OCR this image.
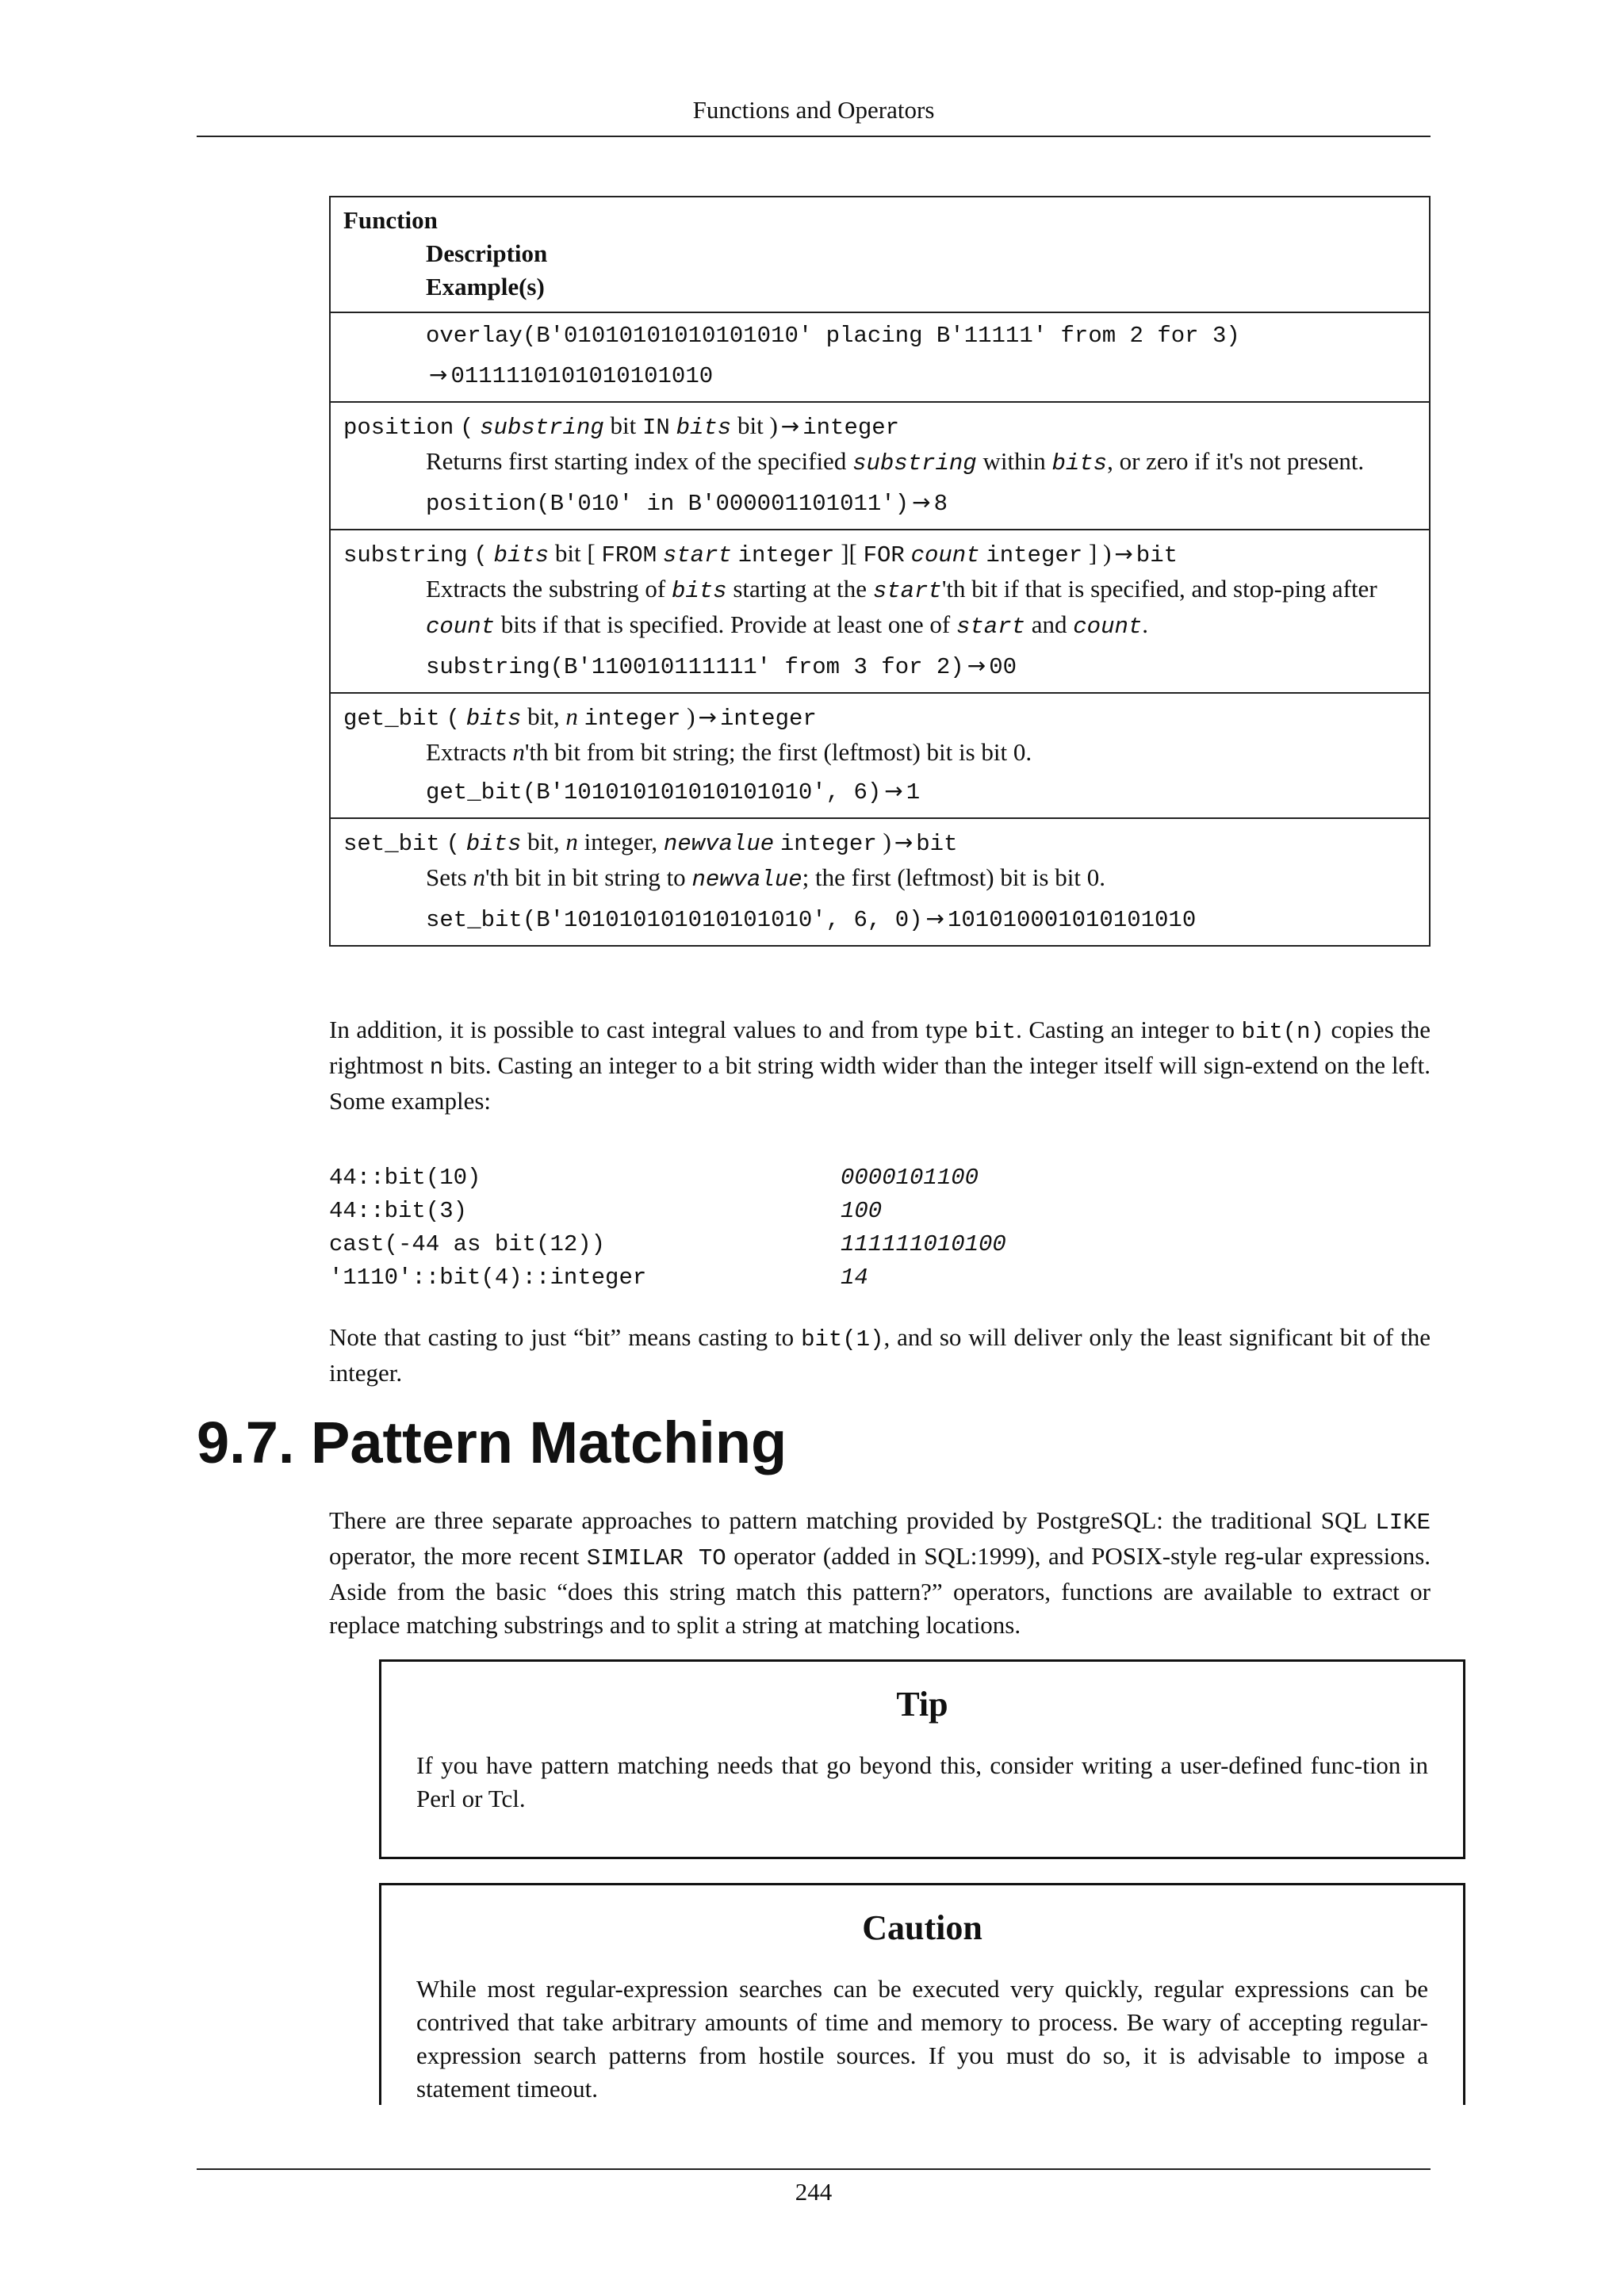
Functions and Operators
Function
Description
Example(s)
overlay(B'01010101010101010' placing B'11111' from 2 for 3)
→ 0111110101010101010
position ( substring bit IN bits bit ) → integer
Returns first starting index of the specified substring within bits, or zero if it's not present.
position(B'010' in B'000001101011') → 8
substring ( bits bit [ FROM start integer ][ FOR count integer ] ) → bit
Extracts the substring of bits starting at the start'th bit if that is specified, and stop-ping after count bits if that is specified. Provide at least one of start and count.
substring(B'110010111111' from 3 for 2) → 00
get_bit ( bits bit, n integer ) → integer
Extracts n'th bit from bit string; the first (leftmost) bit is bit 0.
get_bit(B'101010101010101010', 6) → 1
set_bit ( bits bit, n integer, newvalue integer ) → bit
Sets n'th bit in bit string to newvalue; the first (leftmost) bit is bit 0.
set_bit(B'101010101010101010', 6, 0) → 101010001010101010
In addition, it is possible to cast integral values to and from type bit. Casting an integer to bit(n) copies the rightmost n bits. Casting an integer to a bit string width wider than the integer itself will sign-extend on the left. Some examples:
44::bit(10)	0000101100
44::bit(3)	100
cast(-44 as bit(12))	111111010100
'1110'::bit(4)::integer	14
Note that casting to just “bit” means casting to bit(1), and so will deliver only the least significant bit of the integer.
9.7. Pattern Matching
There are three separate approaches to pattern matching provided by PostgreSQL: the traditional SQL LIKE operator, the more recent SIMILAR TO operator (added in SQL:1999), and POSIX-style reg-ular expressions. Aside from the basic “does this string match this pattern?” operators, functions are available to extract or replace matching substrings and to split a string at matching locations.
Tip
If you have pattern matching needs that go beyond this, consider writing a user-defined func-tion in Perl or Tcl.
Caution
While most regular-expression searches can be executed very quickly, regular expressions can be contrived that take arbitrary amounts of time and memory to process. Be wary of accepting regular-expression search patterns from hostile sources. If you must do so, it is advisable to impose a statement timeout.
244
